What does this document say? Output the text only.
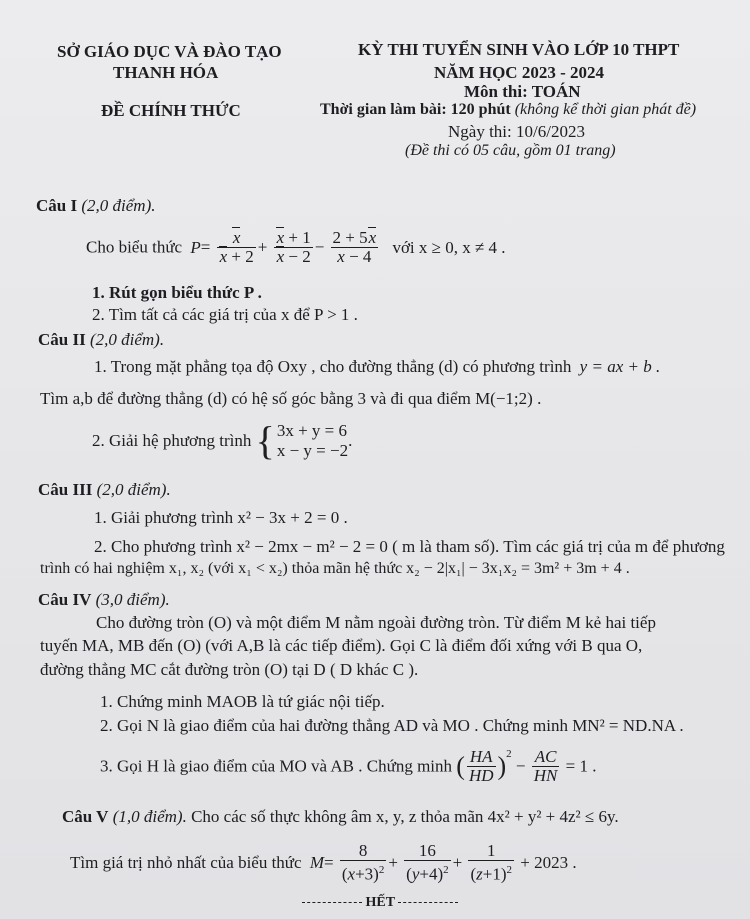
SỞ GIÁO DỤC VÀ ĐÀO TẠO
THANH HÓA
ĐỀ CHÍNH THỨC
KỲ THI TUYỂN SINH VÀO LỚP 10 THPT
NĂM HỌC 2023 - 2024
Môn thi: TOÁN
Thời gian làm bài: 120 phút (không kể thời gian phát đề)
Ngày thi: 10/6/2023
(Đề thi có 05 câu, gồm 01 trang)
Câu I (2,0 điểm).
Cho biểu thức $P= \frac{x}{x + 2} + \frac{x + 1}{x - 2} - \frac{2 + 5x}{x - 4}$ với x ≥ 0, x ≠ 4 .
1. Rút gọn biểu thức P .
2. Tìm tất cả các giá trị của x để P > 1 .
Câu II (2,0 điểm).
1. Trong mặt phẳng tọa độ Oxy , cho đường thẳng (d) có phương trình y = ax + b .
Tìm a,b để đường thẳng (d) có hệ số góc bằng 3 và đi qua điểm M(−1;2) .
2. Giải hệ phương trình { 3x + y = 6
x − y = −2
.
Câu III (2,0 điểm).
1. Giải phương trình x² − 3x + 2 = 0 .
2. Cho phương trình x² − 2mx − m² − 2 = 0 ( m là tham số). Tìm các giá trị của m để phương
trình có hai nghiệm x₁, x₂ (với x₁ < x₂) thỏa mãn hệ thức x₂ − 2|x₁| − 3x₁x₂ = 3m² + 3m + 4 .
Câu IV (3,0 điểm).
Cho đường tròn (O) và một điểm M nằm ngoài đường tròn. Từ điểm M kẻ hai tiếp
tuyến MA, MB đến (O) (với A,B là các tiếp điểm). Gọi C là điểm đối xứng với B qua O,
đường thẳng MC cắt đường tròn (O) tại D ( D khác C ).
1. Chứng minh MAOB là tứ giác nội tiếp.
2. Gọi N là giao điểm của hai đường thẳng AD và MO . Chứng minh MN² = ND.NA .
3. Gọi H là giao điểm của MO và AB . Chứng minh ( $\frac{HA}{HD} )^2 - \frac{AC}{HN} = 1$ .
Câu V (1,0 điểm). Cho các số thực không âm x, y, z thỏa mãn 4x² + y² + 4z² ≤ 6y.
Tìm giá trị nhỏ nhất của biểu thức $M= \frac{8}{(x+3)^2} + \frac{16}{(y+4)^2} + \frac{1}{(z+1)^2} + 2023$ .
HẾT
